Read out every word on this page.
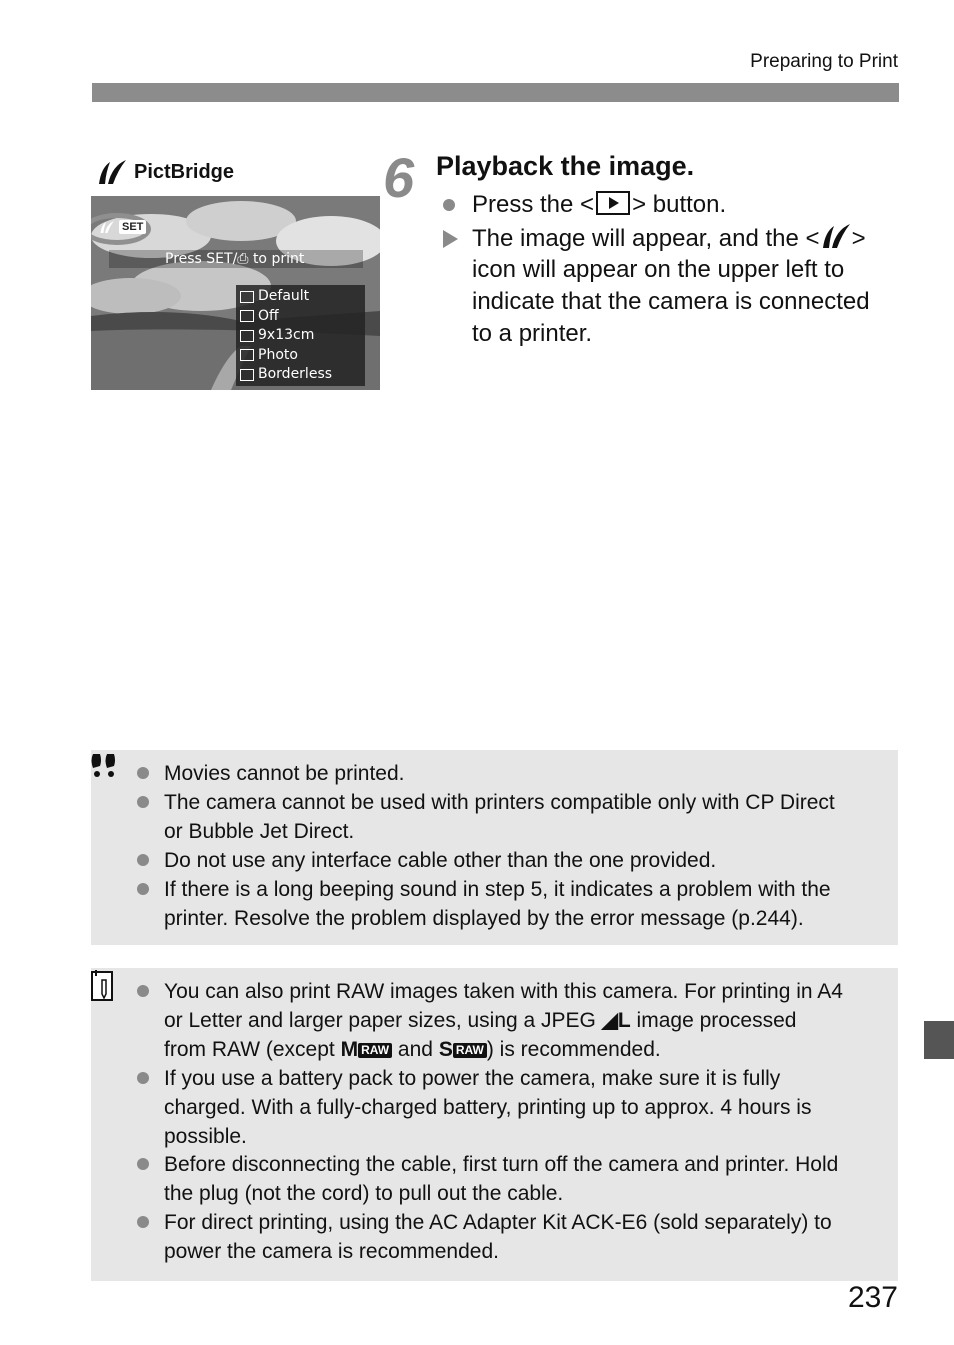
Preparing to Print
PictBridge
SET
Press SET/⎙ to print
Default
Off
9x13cm
Photo
Borderless
6 Playback the image.
Press the < > button.
The image will appear, and the < >
icon will appear on the upper left to
indicate that the camera is connected
to a printer.
Movies cannot be printed.
The camera cannot be used with printers compatible only with CP Direct
or Bubble Jet Direct.
Do not use any interface cable other than the one provided.
If there is a long beeping sound in step 5, it indicates a problem with the
printer. Resolve the problem displayed by the error message (p.244).
You can also print RAW images taken with this camera. For printing in A4
or Letter and larger paper sizes, using a JPEG ◢L image processed
from RAW (except M RAW and S RAW ) is recommended.
If you use a battery pack to power the camera, make sure it is fully
charged. With a fully-charged battery, printing up to approx. 4 hours is
possible.
Before disconnecting the cable, first turn off the camera and printer. Hold
the plug (not the cord) to pull out the cable.
For direct printing, using the AC Adapter Kit ACK-E6 (sold separately) to
power the camera is recommended.
237
